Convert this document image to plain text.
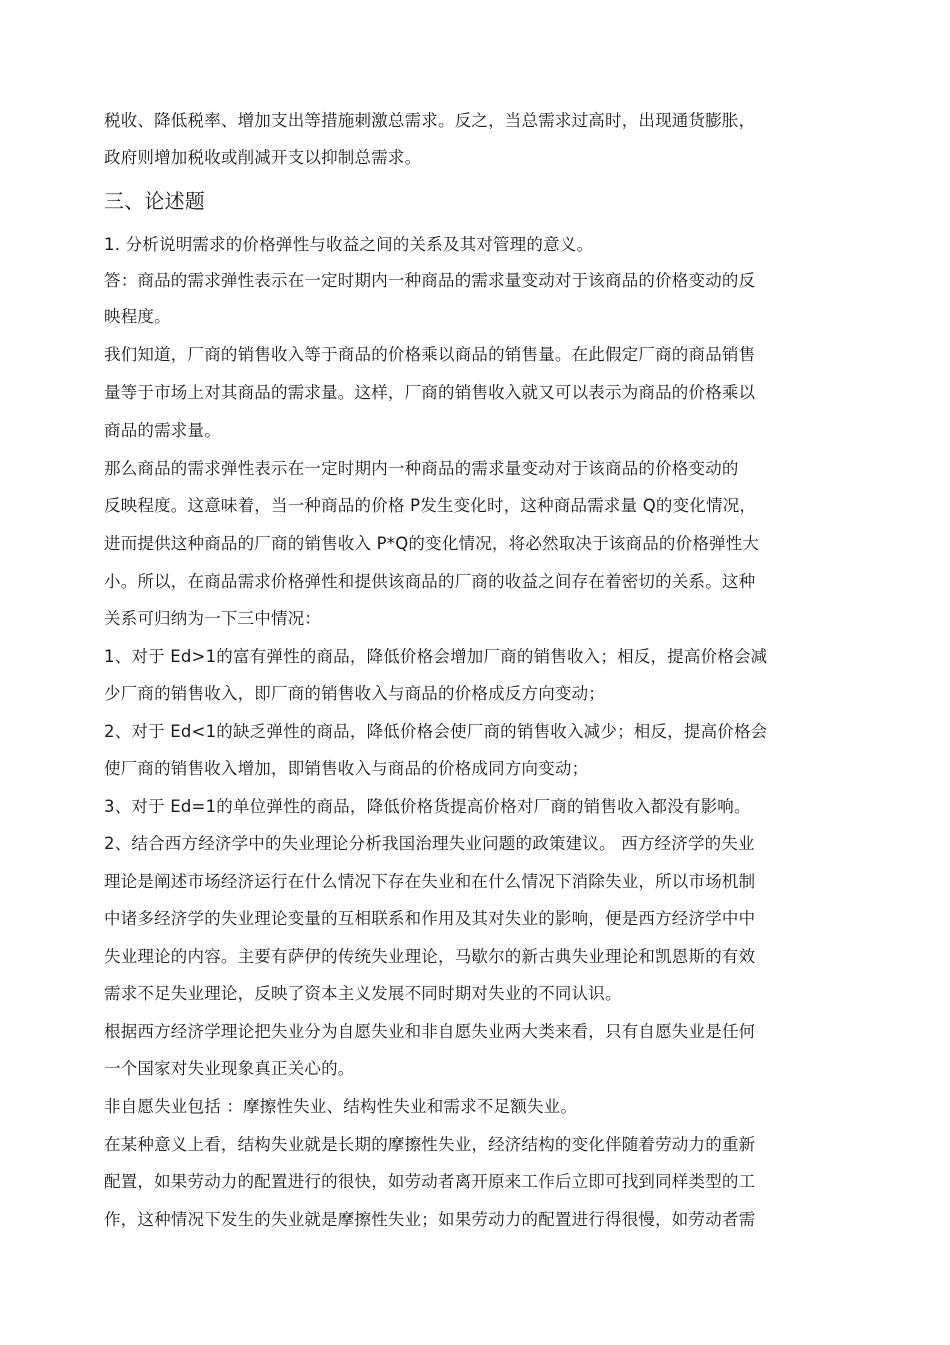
税收、降低税率、增加支出等措施刺激总需求。反之，当总需求过高时，出现通货膨胀，
政府则增加税收或削减开支以抑制总需求。
三、论述题
1. 分析说明需求的价格弹性与收益之间的关系及其对管理的意义。
答：商品的需求弹性表示在一定时期内一种商品的需求量变动对于该商品的价格变动的反
映程度。
我们知道，厂商的销售收入等于商品的价格乘以商品的销售量。在此假定厂商的商品销售
量等于市场上对其商品的需求量。这样，厂商的销售收入就又可以表示为商品的价格乘以
商品的需求量。
那么商品的需求弹性表示在一定时期内一种商品的需求量变动对于该商品的价格变动的
反映程度。这意味着，当一种商品的价格 P发生变化时，这种商品需求量 Q的变化情况，
进而提供这种商品的厂商的销售收入 P*Q的变化情况，将必然取决于该商品的价格弹性大
小。所以，在商品需求价格弹性和提供该商品的厂商的收益之间存在着密切的关系。这种
关系可归纳为一下三中情况：
1、对于 Ed>1的富有弹性的商品，降低价格会增加厂商的销售收入；相反，提高价格会减
少厂商的销售收入，即厂商的销售收入与商品的价格成反方向变动；
2、对于 Ed<1的缺乏弹性的商品，降低价格会使厂商的销售收入减少；相反，提高价格会
使厂商的销售收入增加，即销售收入与商品的价格成同方向变动；
3、对于 Ed=1的单位弹性的商品，降低价格货提高价格对厂商的销售收入都没有影响。
2、结合西方经济学中的失业理论分析我国治理失业问题的政策建议。 西方经济学的失业
理论是阐述市场经济运行在什么情况下存在失业和在什么情况下消除失业，所以市场机制
中诸多经济学的失业理论变量的互相联系和作用及其对失业的影响，便是西方经济学中中
失业理论的内容。主要有萨伊的传统失业理论，马歇尔的新古典失业理论和凯恩斯的有效
需求不足失业理论，反映了资本主义发展不同时期对失业的不同认识。
根据西方经济学理论把失业分为自愿失业和非自愿失业两大类来看，只有自愿失业是任何
一个国家对失业现象真正关心的。
非自愿失业包括 ：摩擦性失业、结构性失业和需求不足额失业。
在某种意义上看，结构失业就是长期的摩擦性失业，经济结构的变化伴随着劳动力的重新
配置，如果劳动力的配置进行的很快，如劳动者离开原来工作后立即可找到同样类型的工
作，这种情况下发生的失业就是摩擦性失业；如果劳动力的配置进行得很慢，如劳动者需
